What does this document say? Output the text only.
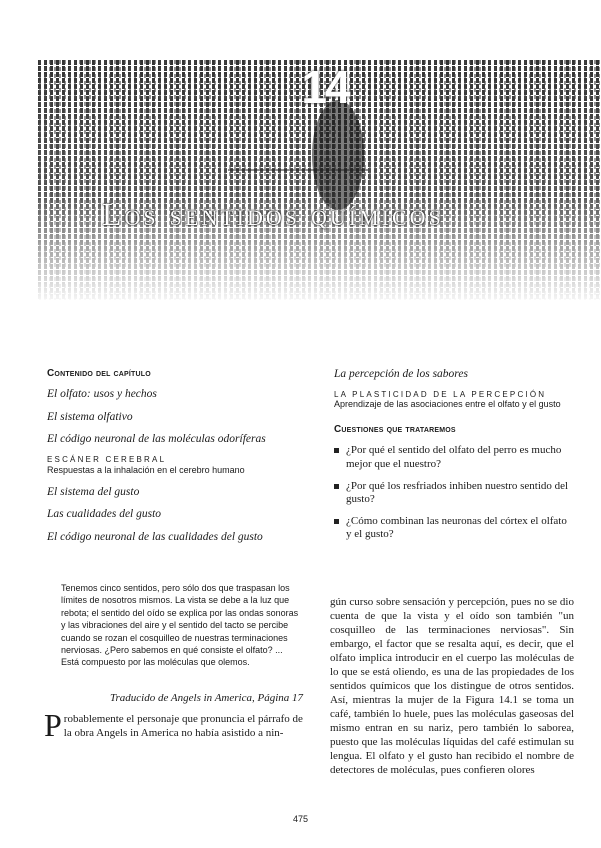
14
Los sentidos químicos
Contenido del capítulo
El olfato: usos y hechos
El sistema olfativo
El código neuronal de las moléculas odoríferas
ESCÁNER CEREBRAL
Respuestas a la inhalación en el cerebro humano
El sistema del gusto
Las cualidades del gusto
El código neuronal de las cualidades del gusto
La percepción de los sabores
LA PLASTICIDAD DE LA PERCEPCIÓN
Aprendizaje de las asociaciones entre el olfato y el gusto
Cuestiones que trataremos
¿Por qué el sentido del olfato del perro es mucho mejor que el nuestro?
¿Por qué los resfriados inhiben nuestro sentido del gusto?
¿Cómo combinan las neuronas del córtex el olfato y el gusto?
Tenemos cinco sentidos, pero sólo dos que traspasan los límites de nosotros mismos. La vista se debe a la luz que rebota; el sentido del oído se explica por las ondas sonoras y las vibraciones del aire y el sentido del tacto se percibe cuando se rozan el cosquilleo de nuestras terminaciones nerviosas. ¿Pero sabemos en qué consiste el olfato? ... Está compuesto por las moléculas que olemos.
Traducido de Angels in America, Página 17
P robablemente el personaje que pronuncia el párrafo de la obra Angels in America no había asistido a nin-
gún curso sobre sensación y percepción, pues no se dio cuenta de que la vista y el oído son también "un cosquilleo de las terminaciones nerviosas". Sin embargo, el factor que se resalta aquí, es decir, que el olfato implica introducir en el cuerpo las moléculas de lo que se está oliendo, es una de las propiedades de los sentidos químicos que los distingue de otros sentidos. Así, mientras la mujer de la Figura 14.1 se toma un café, también lo huele, pues las moléculas gaseosas del mismo entran en su nariz, pero también lo saborea, puesto que las moléculas líquidas del café estimulan su lengua. El olfato y el gusto han recibido el nombre de detectores de moléculas, pues confieren olores
475
